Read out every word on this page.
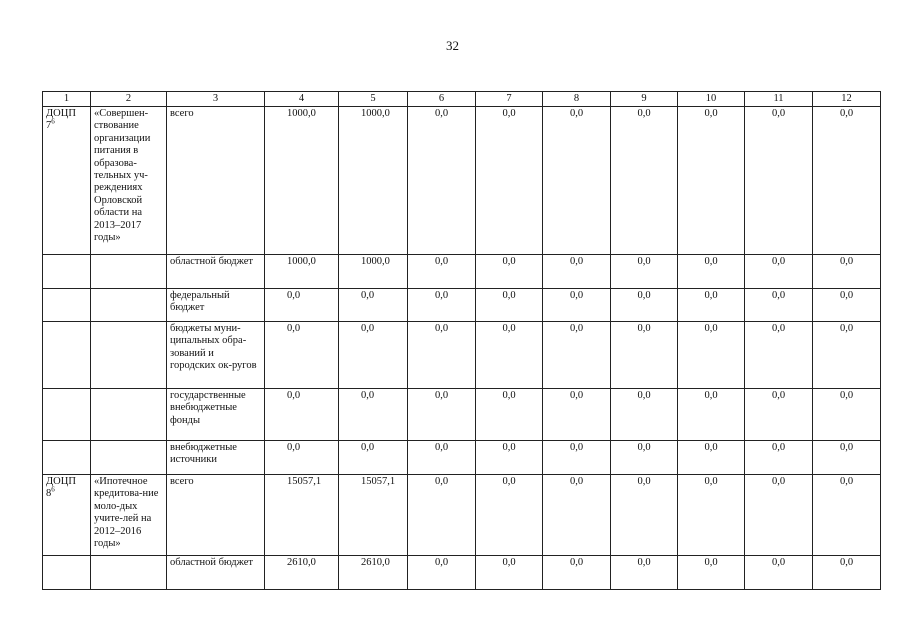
32
1	2	3	4	5	6	7	8	9	10	11	12
ДОЦП $7^6$	«Совершен-ствование организации питания в образова-тельных уч-реждениях Орловской области на 2013–2017 годы»	всего	1000,0	1000,0	0,0	0,0	0,0	0,0	0,0	0,0	0,0
		областной бюджет	1000,0	1000,0	0,0	0,0	0,0	0,0	0,0	0,0	0,0
		федеральный бюджет	0,0	0,0	0,0	0,0	0,0	0,0	0,0	0,0	0,0
		бюджеты муни-ципальных обра-зований и городских ок-ругов	0,0	0,0	0,0	0,0	0,0	0,0	0,0	0,0	0,0
		государственные внебюджетные фонды	0,0	0,0	0,0	0,0	0,0	0,0	0,0	0,0	0,0
		внебюджетные источники	0,0	0,0	0,0	0,0	0,0	0,0	0,0	0,0	0,0
ДОЦП $8^6$	«Ипотечное кредитова-ние моло-дых учите-лей на 2012–2016 годы»	всего	15057,1	15057,1	0,0	0,0	0,0	0,0	0,0	0,0	0,0
		областной бюджет	2610,0	2610,0	0,0	0,0	0,0	0,0	0,0	0,0	0,0
